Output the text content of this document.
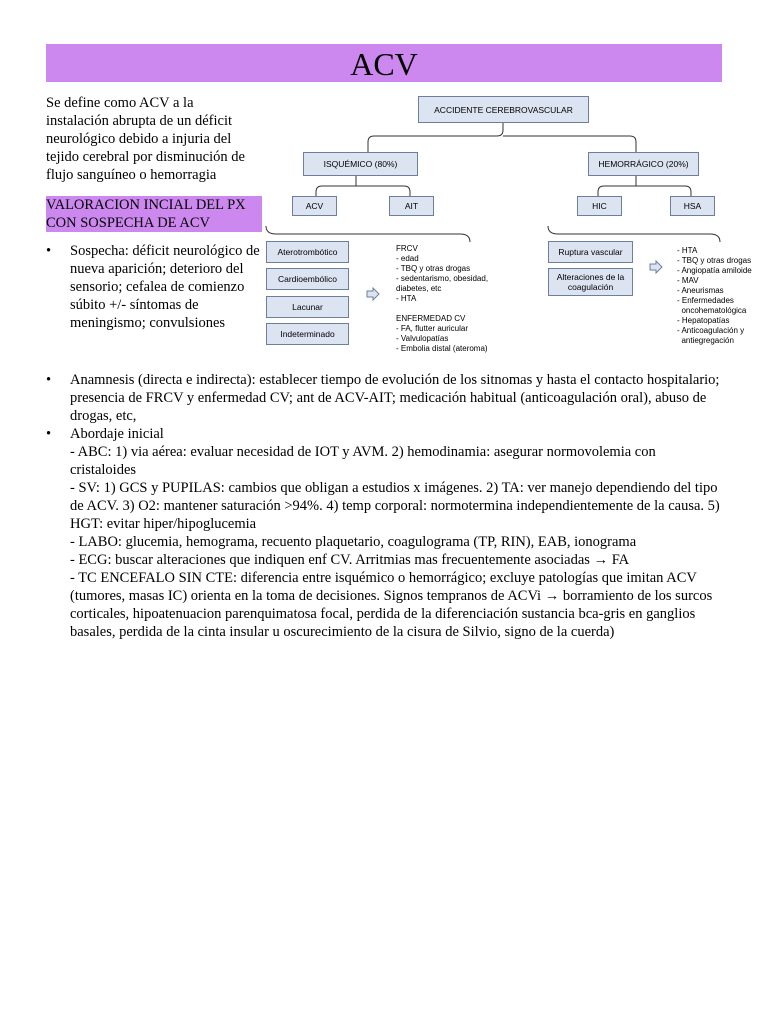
ACV
Se define como ACV a la instalación abrupta de un déficit neurológico debido a injuria del tejido cerebral por disminución de flujo sanguíneo o hemorragia
VALORACION INCIAL DEL PX CON SOSPECHA DE ACV
• Sospecha: déficit neurológico de nueva aparición; deterioro del sensorio; cefalea de comienzo súbito +/- síntomas de meningismo; convulsiones
ACCIDENTE CEREBROVASCULAR
ISQUÉMICO (80%)	HEMORRÁGICO (20%)
ACV	AIT	HIC	HSA
Aterotrombótico
Cardioembólico
Lacunar
Indeterminado
FRCV
- edad
- TBQ y otras drogas
- sedentarismo, obesidad,
diabetes, etc
- HTA

ENFERMEDAD CV
- FA, flutter auricular
- Valvulopatías
- Embolia distal (ateroma)
Ruptura vascular
Alteraciones de la coagulación
- HTA
- TBQ y otras drogas
- Angiopatía amiloide
- MAV
- Aneurismas
- Enfermedades
oncohematológica
- Hepatopatías
- Anticoagulación y
antiegregación
• Anamnesis (directa e indirecta): establecer tiempo de evolución de los sitnomas y hasta el contacto hospitalario; presencia de FRCV y enfermedad CV; ant de ACV-AIT; medicación habitual (anticoagulación oral), abuso de drogas, etc,
• Abordaje inicial
- ABC: 1) via aérea: evaluar necesidad de IOT y AVM. 2) hemodinamia: asegurar normovolemia con cristaloides
- SV: 1) GCS y PUPILAS: cambios que obligan a estudios x imágenes. 2) TA: ver manejo dependiendo del tipo de ACV. 3) O2: mantener saturación >94%. 4) temp corporal: normotermina independientemente de la causa. 5) HGT: evitar hiper/hipoglucemia
- LABO: glucemia, hemograma, recuento plaquetario, coagulograma (TP, RIN), EAB, ionograma
- ECG: buscar alteraciones que indiquen enf CV. Arritmias mas frecuentemente asociadas → FA
- TC ENCEFALO SIN CTE: diferencia entre isquémico o hemorrágico; excluye patologías que imitan ACV (tumores, masas IC) orienta en la toma de decisiones. Signos tempranos de ACVi → borramiento de los surcos corticales, hipoatenuacion parenquimatosa focal, perdida de la diferenciación sustancia bca-gris en ganglios basales, perdida de la cinta insular u oscurecimiento de la cisura de Silvio, signo de la cuerda)
